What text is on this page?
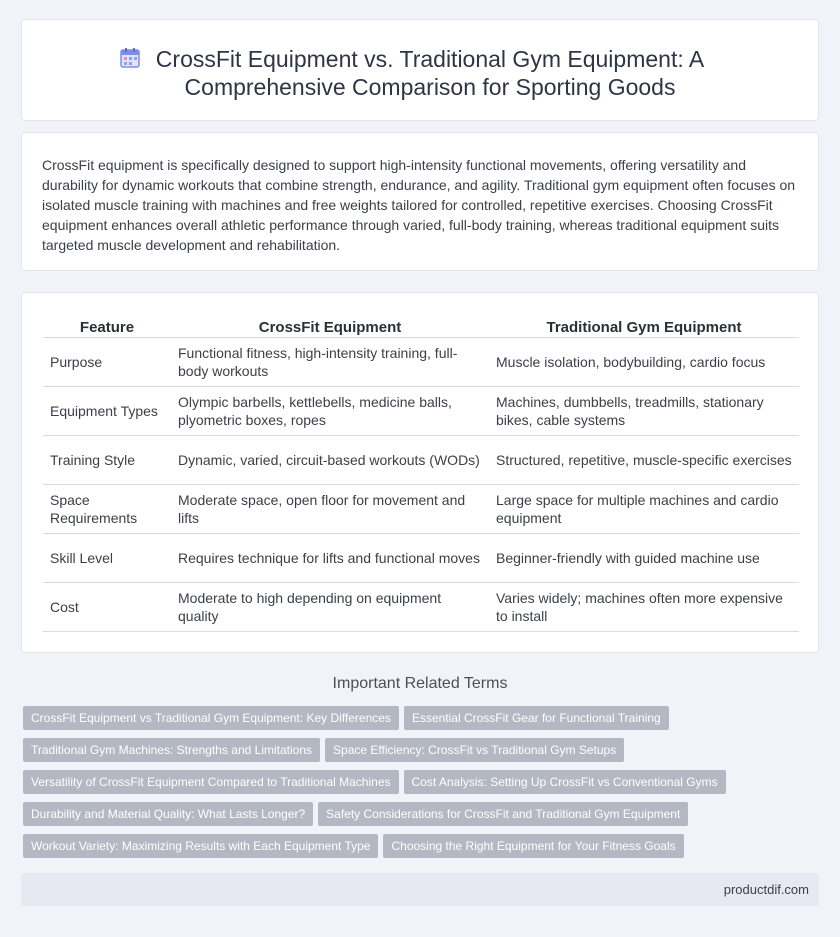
CrossFit Equipment vs. Traditional Gym Equipment: A Comprehensive Comparison for Sporting Goods

CrossFit equipment is specifically designed to support high-intensity functional movements, offering versatility and durability for dynamic workouts that combine strength, endurance, and agility. Traditional gym equipment often focuses on isolated muscle training with machines and free weights tailored for controlled, repetitive exercises. Choosing CrossFit equipment enhances overall athletic performance through varied, full-body training, whereas traditional equipment suits targeted muscle development and rehabilitation.

Feature	CrossFit Equipment	Traditional Gym Equipment
Purpose	Functional fitness, high-intensity training, full-body workouts	Muscle isolation, bodybuilding, cardio focus
Equipment Types	Olympic barbells, kettlebells, medicine balls, plyometric boxes, ropes	Machines, dumbbells, treadmills, stationary bikes, cable systems
Training Style	Dynamic, varied, circuit-based workouts (WODs)	Structured, repetitive, muscle-specific exercises
Space Requirements	Moderate space, open floor for movement and lifts	Large space for multiple machines and cardio equipment
Skill Level	Requires technique for lifts and functional moves	Beginner-friendly with guided machine use
Cost	Moderate to high depending on equipment quality	Varies widely; machines often more expensive to install
Important Related Terms
CrossFit Equipment vs Traditional Gym Equipment: Key Differences Essential CrossFit Gear for Functional Training
Traditional Gym Machines: Strengths and Limitations Space Efficiency: CrossFit vs Traditional Gym Setups
Versatility of CrossFit Equipment Compared to Traditional Machines Cost Analysis: Setting Up CrossFit vs Conventional Gyms
Durability and Material Quality: What Lasts Longer? Safety Considerations for CrossFit and Traditional Gym Equipment
Workout Variety: Maximizing Results with Each Equipment Type Choosing the Right Equipment for Your Fitness Goals
productdif.com
